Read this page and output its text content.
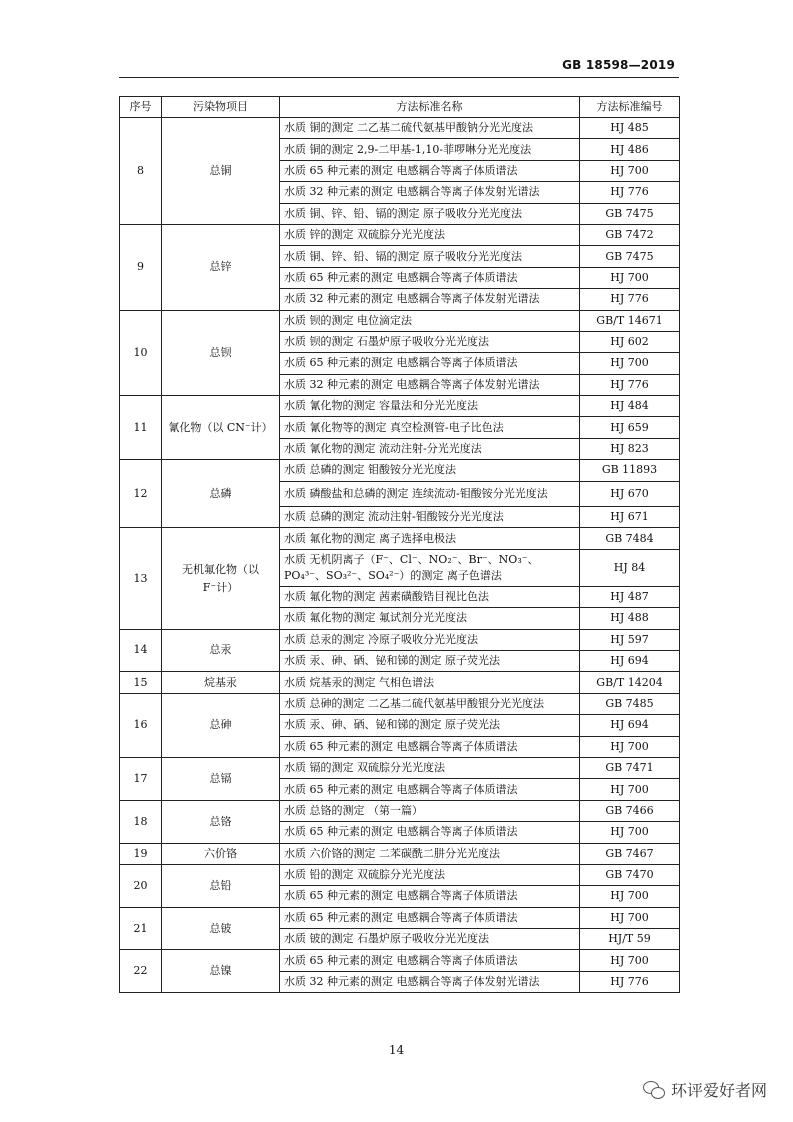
GB 18598—2019
序号	污染物项目	方法标准名称	方法标准编号
8	总铜	水质 铜的测定 二乙基二硫代氨基甲酸钠分光光度法	HJ 485
		水质 铜的测定 2,9-二甲基-1,10-菲啰啉分光光度法	HJ 486
		水质 65 种元素的测定 电感耦合等离子体质谱法	HJ 700
		水质 32 种元素的测定 电感耦合等离子体发射光谱法	HJ 776
		水质 铜、锌、铅、镉的测定 原子吸收分光光度法	GB 7475
9	总锌	水质 锌的测定 双硫腙分光光度法	GB 7472
		水质 铜、锌、铅、镉的测定 原子吸收分光光度法	GB 7475
		水质 65 种元素的测定 电感耦合等离子体质谱法	HJ 700
		水质 32 种元素的测定 电感耦合等离子体发射光谱法	HJ 776
10	总钡	水质 钡的测定 电位滴定法	GB/T 14671
		水质 钡的测定 石墨炉原子吸收分光光度法	HJ 602
		水质 65 种元素的测定 电感耦合等离子体质谱法	HJ 700
		水质 32 种元素的测定 电感耦合等离子体发射光谱法	HJ 776
11	氰化物（以 CN⁻计）	水质 氰化物的测定 容量法和分光光度法	HJ 484
		水质 氰化物等的测定 真空检测管-电子比色法	HJ 659
		水质 氰化物的测定 流动注射-分光光度法	HJ 823
12	总磷	水质 总磷的测定 钼酸铵分光光度法	GB 11893
		水质 磷酸盐和总磷的测定 连续流动-钼酸铵分光光度法	HJ 670
		水质 总磷的测定 流动注射-钼酸铵分光光度法	HJ 671
13	无机氟化物（以 F⁻计）	水质 氟化物的测定 离子选择电极法	GB 7484
		水质 无机阴离子（F⁻、Cl⁻、NO₂⁻、Br⁻、NO₃⁻、PO₄³⁻、SO₃²⁻、SO₄²⁻）的测定 离子色谱法	HJ 84
		水质 氟化物的测定 茜素磺酸锆目视比色法	HJ 487
		水质 氟化物的测定 氟试剂分光光度法	HJ 488
14	总汞	水质 总汞的测定 冷原子吸收分光光度法	HJ 597
		水质 汞、砷、硒、铋和锑的测定 原子荧光法	HJ 694
15	烷基汞	水质 烷基汞的测定 气相色谱法	GB/T 14204
16	总砷	水质 总砷的测定 二乙基二硫代氨基甲酸银分光光度法	GB 7485
		水质 汞、砷、硒、铋和锑的测定 原子荧光法	HJ 694
		水质 65 种元素的测定 电感耦合等离子体质谱法	HJ 700
17	总镉	水质 镉的测定 双硫腙分光光度法	GB 7471
		水质 65 种元素的测定 电感耦合等离子体质谱法	HJ 700
18	总铬	水质 总铬的测定 （第一篇）	GB 7466
		水质 65 种元素的测定 电感耦合等离子体质谱法	HJ 700
19	六价铬	水质 六价铬的测定 二苯碳酰二肼分光光度法	GB 7467
20	总铅	水质 铅的测定 双硫腙分光光度法	GB 7470
		水质 65 种元素的测定 电感耦合等离子体质谱法	HJ 700
21	总铍	水质 65 种元素的测定 电感耦合等离子体质谱法	HJ 700
		水质 铍的测定 石墨炉原子吸收分光光度法	HJ/T 59
22	总镍	水质 65 种元素的测定 电感耦合等离子体质谱法	HJ 700
		水质 32 种元素的测定 电感耦合等离子体发射光谱法	HJ 776
14
环评爱好者网
